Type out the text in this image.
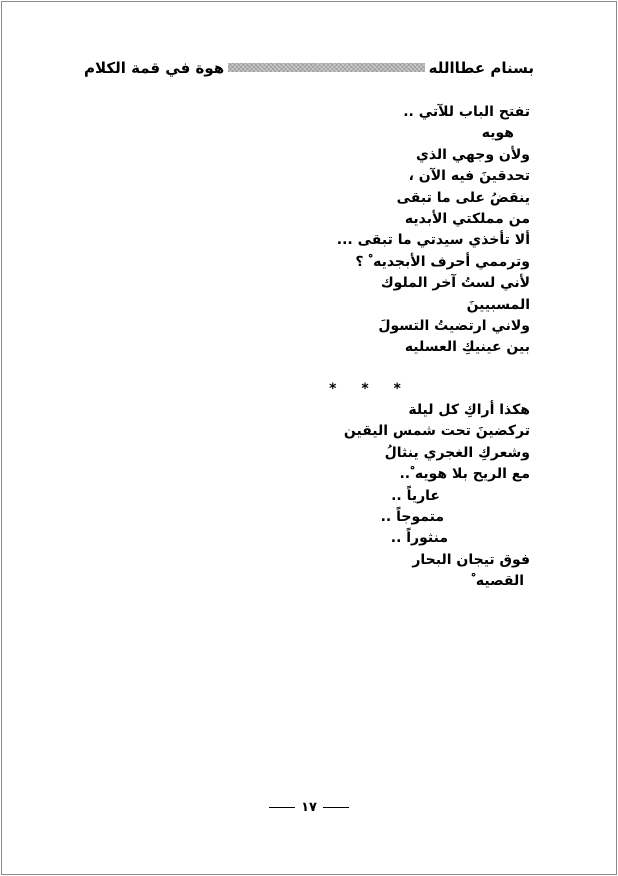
بسنام عطاالله
هوة في قمة الكلام
تفتح الباب للآتي ..
هويه
ولأن وجهي الذي
تحدقينَ فيه الآن ،
ينقضُ على ما تبقى
من مملكتي الأبديه
ألا تأخذي سيدتي ما تبقى ...
وترممي أحرف الأبجديه ْ ؟
لأني لستُ آخر الملوك
المسبيينَ
ولاني ارتضيتُ التسولَ
بين عينيكِ العسليه
* * *
هكذا أراكِ كل ليلة
تركضينَ تحت شمس اليقين
وشعركِ الغجري ينثالُ
مع الريح بلا هويه ْ..
عارياً ..
متموجاً ..
منثوراً ..
فوق تيجان البحار
القصيه ْ
١٧
